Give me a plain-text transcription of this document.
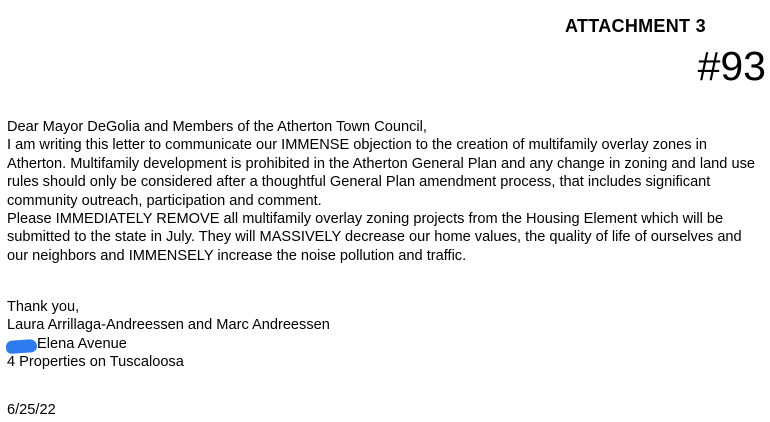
ATTACHMENT 3
#93

Dear Mayor DeGolia and Members of the Atherton Town Council,

I am writing this letter to communicate our IMMENSE objection to the creation of multifamily overlay zones in Atherton. Multifamily development is prohibited in the Atherton General Plan and any change in zoning and land use rules should only be considered after a thoughtful General Plan amendment process, that includes significant community outreach, participation and comment.

Please IMMEDIATELY REMOVE all multifamily overlay zoning projects from the Housing Element which will be submitted to the state in July. They will MASSIVELY decrease our home values, the quality of life of ourselves and our neighbors and IMMENSELY increase the noise pollution and traffic.

Thank you,
Laura Arrillaga-Andreessen and Marc Andreessen
Elena Avenue
4 Properties on Tuscaloosa
6/25/22
